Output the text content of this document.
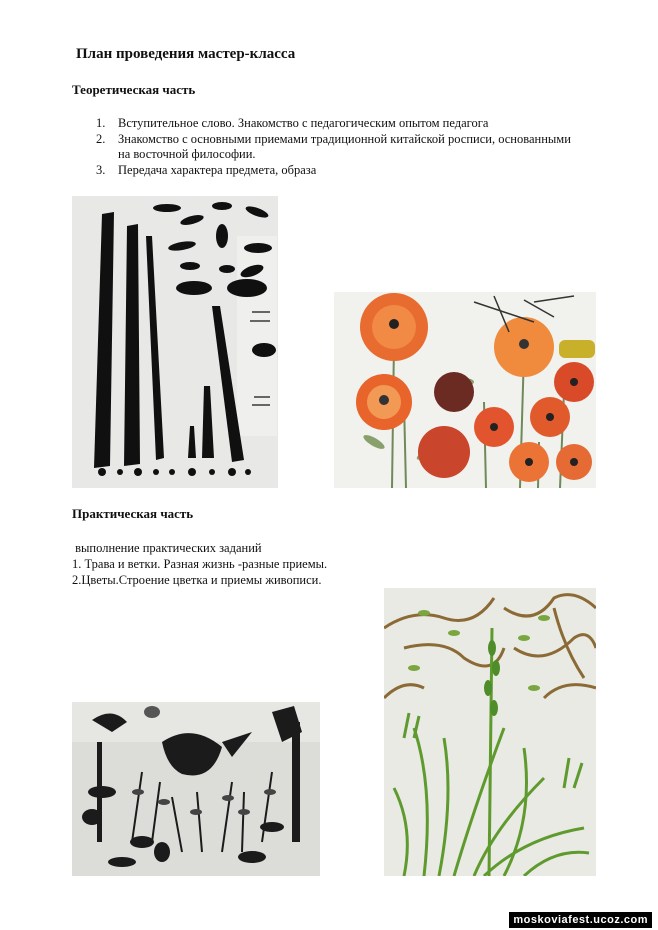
План проведения мастер-класса
Теоретическая часть
1.	Вступительное слово. Знакомство с педагогическим опытом педагога
2.	Знакомство с основными приемами традиционной китайской росписи, основанными на восточной философии.
3.	Передача характера предмета, образа
Практическая часть
выполнение практических заданий
1. Трава и ветки. Разная жизнь -разные приемы.
2.Цветы.Строение цветка и приемы живописи.
moskoviafest.ucoz.com
